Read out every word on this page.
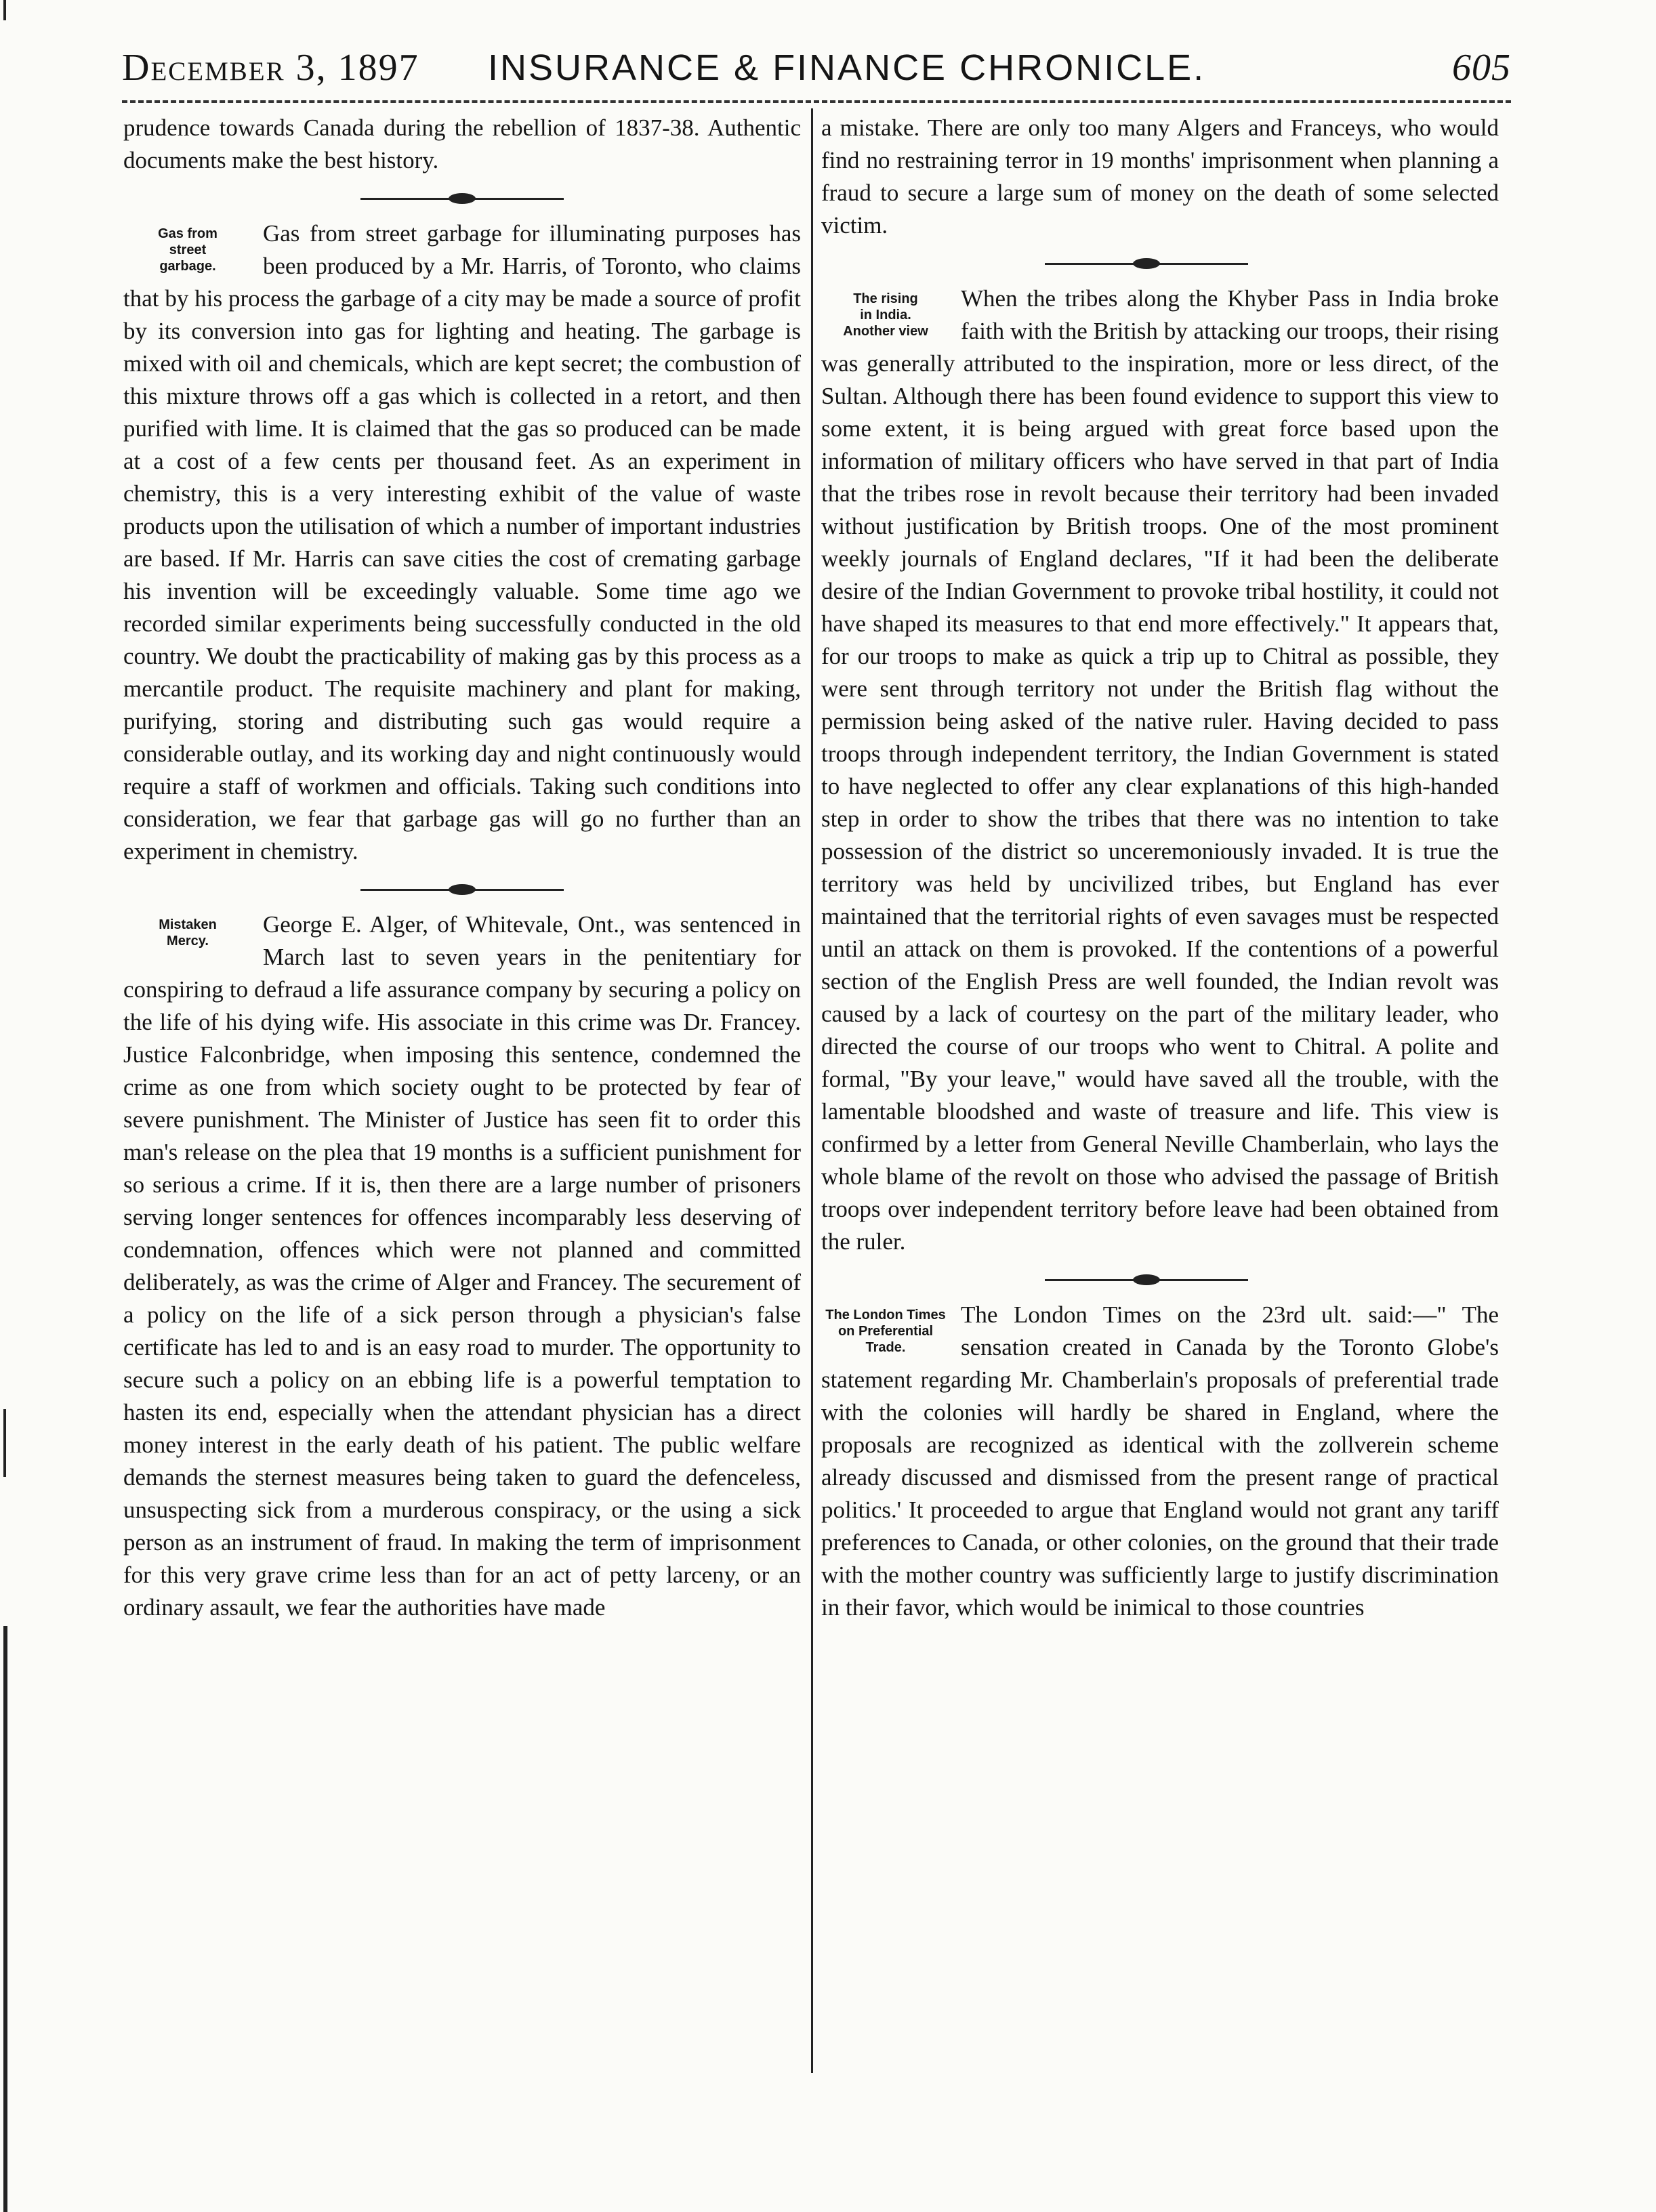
December 3, 1897 INSURANCE & FINANCE CHRONICLE.	605

prudence towards Canada during the rebellion of 1837-38. Authentic documents make the best history.

Gas from
street
garbage.

Gas from street garbage for illuminating purposes has been produced by a Mr. Harris, of Toronto, who claims that by his process the garbage of a city may be made a source of profit by its conversion into gas for lighting and heating. The garbage is mixed with oil and chemicals, which are kept secret; the combustion of this mixture throws off a gas which is collected in a retort, and then purified with lime. It is claimed that the gas so produced can be made at a cost of a few cents per thousand feet. As an experiment in chemistry, this is a very interesting exhibit of the value of waste products upon the utilisation of which a number of important industries are based. If Mr. Harris can save cities the cost of cremating garbage his invention will be exceedingly valuable. Some time ago we recorded similar experiments being successfully conducted in the old country. We doubt the practicability of making gas by this process as a mercantile product. The requisite machinery and plant for making, purifying, storing and distributing such gas would require a considerable outlay, and its working day and night continuously would require a staff of workmen and officials. Taking such conditions into consideration, we fear that garbage gas will go no further than an experiment in chemistry.

Mistaken
Mercy.

George E. Alger, of Whitevale, Ont., was sentenced in March last to seven years in the penitentiary for conspiring to defraud a life assurance company by securing a policy on the life of his dying wife. His associate in this crime was Dr. Francey. Justice Falconbridge, when imposing this sentence, condemned the crime as one from which society ought to be protected by fear of severe punishment. The Minister of Justice has seen fit to order this man's release on the plea that 19 months is a sufficient punishment for so serious a crime. If it is, then there are a large number of prisoners serving longer sentences for offences incomparably less deserving of condemnation, offences which were not planned and committed deliberately, as was the crime of Alger and Francey. The securement of a policy on the life of a sick person through a physician's false certificate has led to and is an easy road to murder. The opportunity to secure such a policy on an ebbing life is a powerful temptation to hasten its end, especially when the attendant physician has a direct money interest in the early death of his patient. The public welfare demands the sternest measures being taken to guard the defenceless, unsuspecting sick from a murderous conspiracy, or the using a sick person as an instrument of fraud. In making the term of imprisonment for this very grave crime less than for an act of petty larceny, or an ordinary assault, we fear the authorities have made

a mistake. There are only too many Algers and Franceys, who would find no restraining terror in 19 months' imprisonment when planning a fraud to secure a large sum of money on the death of some selected victim.

The rising
in India.
Another view

When the tribes along the Khyber Pass in India broke faith with the British by attacking our troops, their rising was generally attributed to the inspiration, more or less direct, of the Sultan. Although there has been found evidence to support this view to some extent, it is being argued with great force based upon the information of military officers who have served in that part of India that the tribes rose in revolt because their territory had been invaded without justification by British troops. One of the most prominent weekly journals of England declares, "If it had been the deliberate desire of the Indian Government to provoke tribal hostility, it could not have shaped its measures to that end more effectively." It appears that, for our troops to make as quick a trip up to Chitral as possible, they were sent through territory not under the British flag without the permission being asked of the native ruler. Having decided to pass troops through independent territory, the Indian Government is stated to have neglected to offer any clear explanations of this high-handed step in order to show the tribes that there was no intention to take possession of the district so unceremoniously invaded. It is true the territory was held by uncivilized tribes, but England has ever maintained that the territorial rights of even savages must be respected until an attack on them is provoked. If the contentions of a powerful section of the English Press are well founded, the Indian revolt was caused by a lack of courtesy on the part of the military leader, who directed the course of our troops who went to Chitral. A polite and formal, "By your leave," would have saved all the trouble, with the lamentable bloodshed and waste of treasure and life. This view is confirmed by a letter from General Neville Chamberlain, who lays the whole blame of the revolt on those who advised the passage of British troops over independent territory before leave had been obtained from the ruler.

The London Times
on Preferential
Trade.

The London Times on the 23rd ult. said:—" The sensation created in Canada by the Toronto Globe's statement regarding Mr. Chamberlain's proposals of preferential trade with the colonies will hardly be shared in England, where the proposals are recognized as identical with the zollverein scheme already discussed and dismissed from the present range of practical politics.' It proceeded to argue that England would not grant any tariff preferences to Canada, or other colonies, on the ground that their trade with the mother country was sufficiently large to justify discrimination in their favor, which would be inimical to those countries
